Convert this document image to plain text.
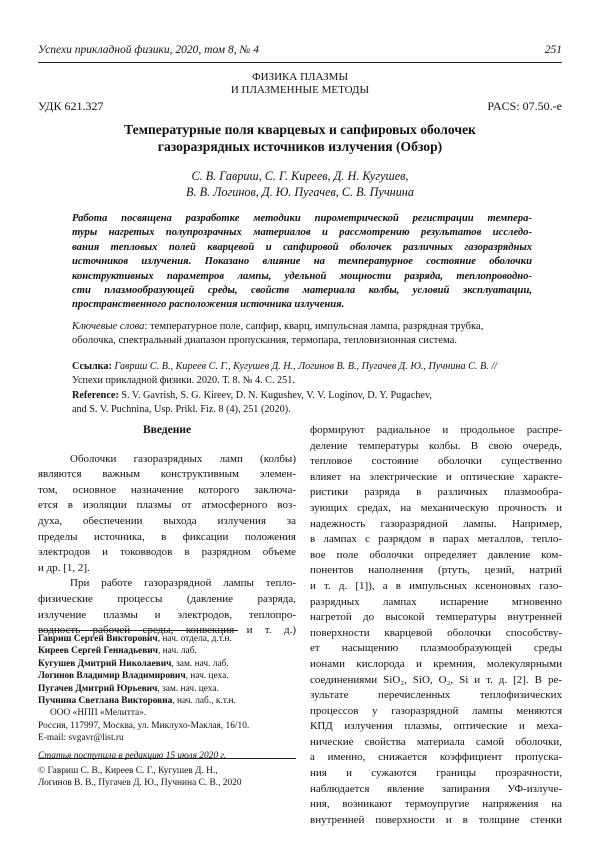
Успехи прикладной физики, 2020, том 8, № 4	251
ФИЗИКА ПЛАЗМЫ
И ПЛАЗМЕННЫЕ МЕТОДЫ
УДК 621.327	PACS: 07.50.-e
Температурные поля кварцевых и сапфировых оболочек
газоразрядных источников излучения (Обзор)
С. В. Гавриш, С. Г. Киреев, Д. Н. Кугушев,
В. В. Логинов, Д. Ю. Пугачев, С. В. Пучнина
Работа посвящена разработке методики пирометрической регистрации темпера-
туры нагретых полупрозрачных материалов и рассмотрению результатов исследо-
вания тепловых полей кварцевой и сапфировой оболочек различных газоразрядных
источников излучения. Показано влияние на температурное состояние оболочки
конструктивных параметров лампы, удельной мощности разряда, теплопроводно-
сти плазмообразующей среды, свойств материала колбы, условий эксплуатации,
пространственного расположения источника излучения.
Ключевые слова: температурное поле, сапфир, кварц, импульсная лампа, разрядная трубка,
оболочка, спектральный диапазон пропускания, термопара, тепловизионная система.
Ссылка: Гавриш С. В., Киреев С. Г., Кугушев Д. Н., Логинов В. В., Пугачев Д. Ю., Пучнина С. В. //
Успехи прикладной физики. 2020. Т. 8. № 4. С. 251.
Reference: S. V. Gavrish, S. G. Kireev, D. N. Kugushev, V. V. Loginov, D. Y. Pugachev,
and S. V. Puchnina, Usp. Prikl. Fiz. 8 (4), 251 (2020).
Введение
Оболочки газоразрядных ламп (колбы)
являются важным конструктивным элемен-
том, основное назначение которого заключа-
ется в изоляции плазмы от атмосферного воз-
духа, обеспечении выхода излучения за
пределы источника, в фиксации положения
электродов и токовводов в разрядном объеме
и др. [1, 2].
При работе газоразрядной лампы тепло-
физические процессы (давление разряда,
излучение плазмы и электродов, теплопро-
водность рабочей среды, конвекция и т. д.)
Гавриш Сергей Викторович, нач. отдела, д.т.н.
Киреев Сергей Геннадьевич, нач. лаб.
Кугушев Дмитрий Николаевич, зам. нач. лаб.
Логинов Владимир Владимирович, нач. цеха.
Пугачев Дмитрий Юрьевич, зам. нач. цеха.
Пучнина Светлана Викторовна, нач. лаб., к.т.н.
ООО «НПП «Мелитта».
Россия, 117997, Москва, ул. Миклухо-Маклая, 16/10.
E-mail: svgavr@list.ru
Статья поступила в редакцию 15 июля 2020 г.
© Гавриш С. В., Киреев С. Г., Кугушев Д. Н.,
Логинов В. В., Пугачев Д. Ю., Пучнина С. В., 2020
формируют радиальное и продольное распре-
деление температуры колбы. В свою очередь,
тепловое состояние оболочки существенно
влияет на электрические и оптические характе-
ристики разряда в различных плазмообра-
зующих средах, на механическую прочность и
надежность газоразрядной лампы. Например,
в лампах с разрядом в парах металлов, тепло-
вое поле оболочки определяет давление ком-
понентов наполнения (ртуть, цезий, натрий
и т. д. [1]), а в импульсных ксеноновых газо-
разрядных лампах испарение мгновенно
нагретой до высокой температуры внутренней
поверхности кварцевой оболочки способству-
ет насыщению плазмообразующей среды
ионами кислорода и кремния, молекулярными
соединениями SiO₂, SiO, O₂, Si и т. д. [2]. В ре-
зультате перечисленных теплофизических
процессов у газоразрядной лампы меняются
КПД излучения плазмы, оптические и меха-
нические свойства материала самой оболочки,
а именно, снижается коэффициент пропуска-
ния и сужаются границы прозрачности,
наблюдается явление запирания УФ-излуче-
ния, возникают термоупругие напряжения на
внутренней поверхности и в толщине стенки
